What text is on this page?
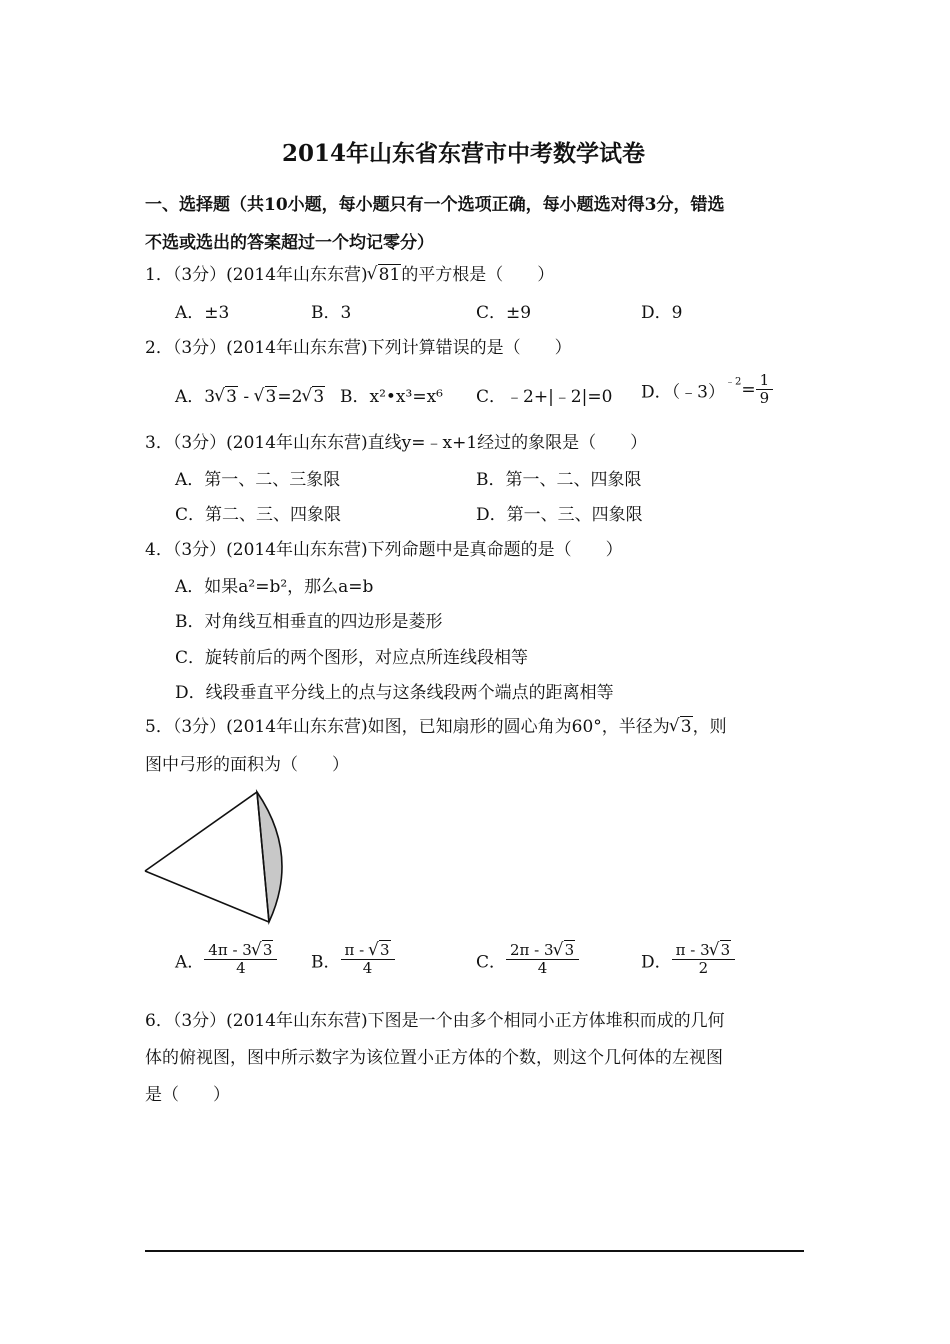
2014年山东省东营市中考数学试卷
一、选择题（共10小题，每小题只有一个选项正确，每小题选对得3分，错选
不选或选出的答案超过一个均记零分）
1．（3分）(2014年山东东营) √ 81的平方根是（　　）
A．±3	B．3	C．±9	D．9
2．（3分）(2014年山东东营)下列计算错误的是（　　）
A．3 √ 3 - √ 3=2 √ 3 B．x²•x³=x⁶ C．﹣2+|﹣2|=0 D．（﹣3）$^{﹣2}$= $\frac{1}{9}$
3．（3分）(2014年山东东营)直线y=﹣x+1经过的象限是（　　）
A．第一、二、三象限	B．第一、二、四象限
C．第二、三、四象限	D．第一、三、四象限
4．（3分）(2014年山东东营)下列命题中是真命题的是（　　）
A．如果a²=b²，那么a=b
B．对角线互相垂直的四边形是菱形
C．旋转前后的两个图形，对应点所连线段相等
D．线段垂直平分线上的点与这条线段两个端点的距离相等
5．（3分）(2014年山东东营)如图，已知扇形的圆心角为60°，半径为 √ 3，则
图中弓形的面积为（　　）
A． $\frac{4\pi - 3 √ 3}{4}$ B． $\frac{\pi - √ 3}{4}$	C． $\frac{2\pi - 3 √ 3}{4}$	D． $\frac{\pi - 3 √ 3}{2}$
6．（3分）(2014年山东东营)下图是一个由多个相同小正方体堆积而成的几何
体的俯视图，图中所示数字为该位置小正方体的个数，则这个几何体的左视图
是（　　）
